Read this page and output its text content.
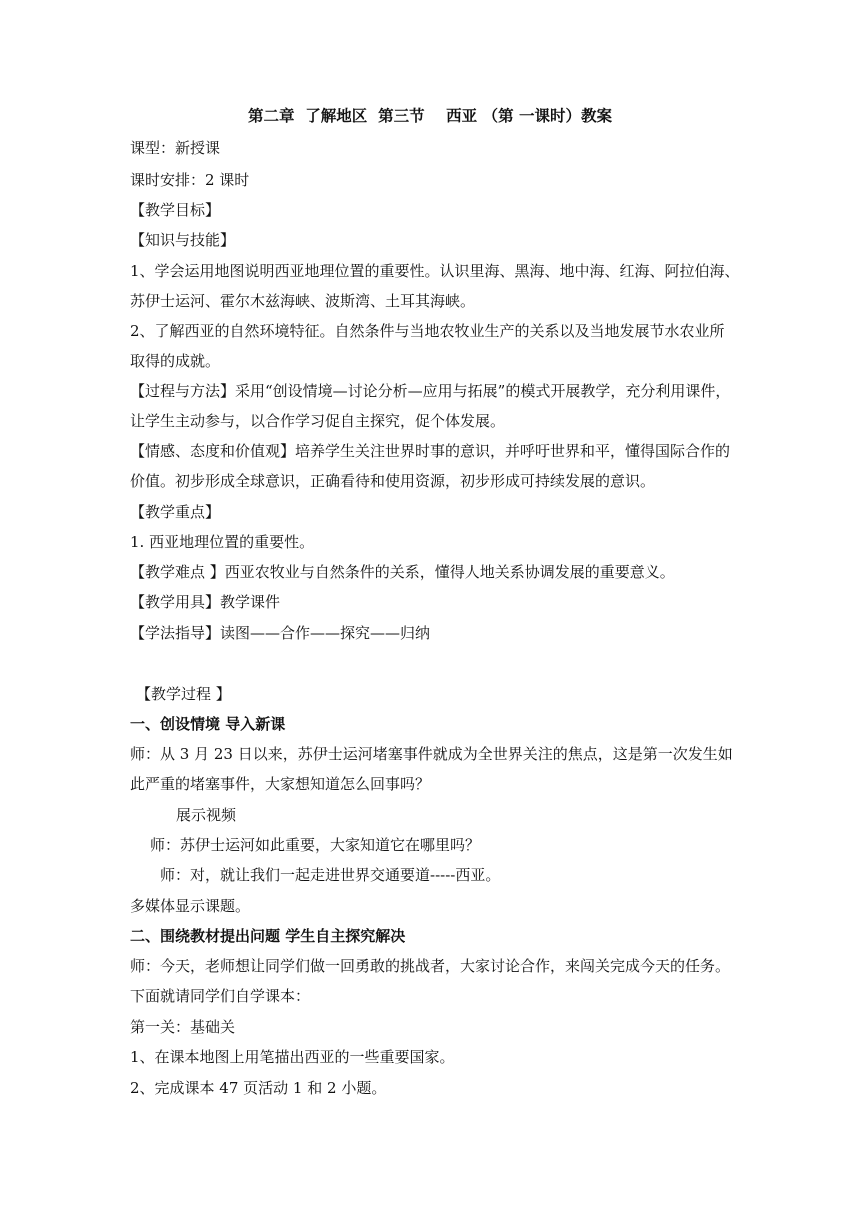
第二章  了解地区  第三节    西亚 （第 一课时）教案
课型：新授课
课时安排：2 课时
【教学目标】
【知识与技能】
1、学会运用地图说明西亚地理位置的重要性。认识里海、黑海、地中海、红海、阿拉伯海、
苏伊士运河、霍尔木兹海峡、波斯湾、土耳其海峡。
2、了解西亚的自然环境特征。自然条件与当地农牧业生产的关系以及当地发展节水农业所
取得的成就。
【过程与方法】采用“创设情境—讨论分析—应用与拓展”的模式开展教学，充分利用课件，
让学生主动参与，以合作学习促自主探究，促个体发展。
【情感、态度和价值观】培养学生关注世界时事的意识，并呼吁世界和平，懂得国际合作的
价值。初步形成全球意识，正确看待和使用资源，初步形成可持续发展的意识。
【教学重点】
1. 西亚地理位置的重要性。
【教学难点 】西亚农牧业与自然条件的关系，懂得人地关系协调发展的重要意义。
【教学用具】教学课件
【学法指导】读图——合作——探究——归纳
【教学过程 】
一、创设情境 导入新课
师：从 3 月 23 日以来，苏伊士运河堵塞事件就成为全世界关注的焦点，这是第一次发生如
此严重的堵塞事件，大家想知道怎么回事吗？
展示视频
师：苏伊士运河如此重要，大家知道它在哪里吗？
师：对，就让我们一起走进世界交通要道-----西亚。
多媒体显示课题。
二、围绕教材提出问题 学生自主探究解决
师：今天，老师想让同学们做一回勇敢的挑战者，大家讨论合作，来闯关完成今天的任务。
下面就请同学们自学课本：
第一关：基础关
1、在课本地图上用笔描出西亚的一些重要国家。
2、完成课本 47 页活动 1 和 2 小题。
